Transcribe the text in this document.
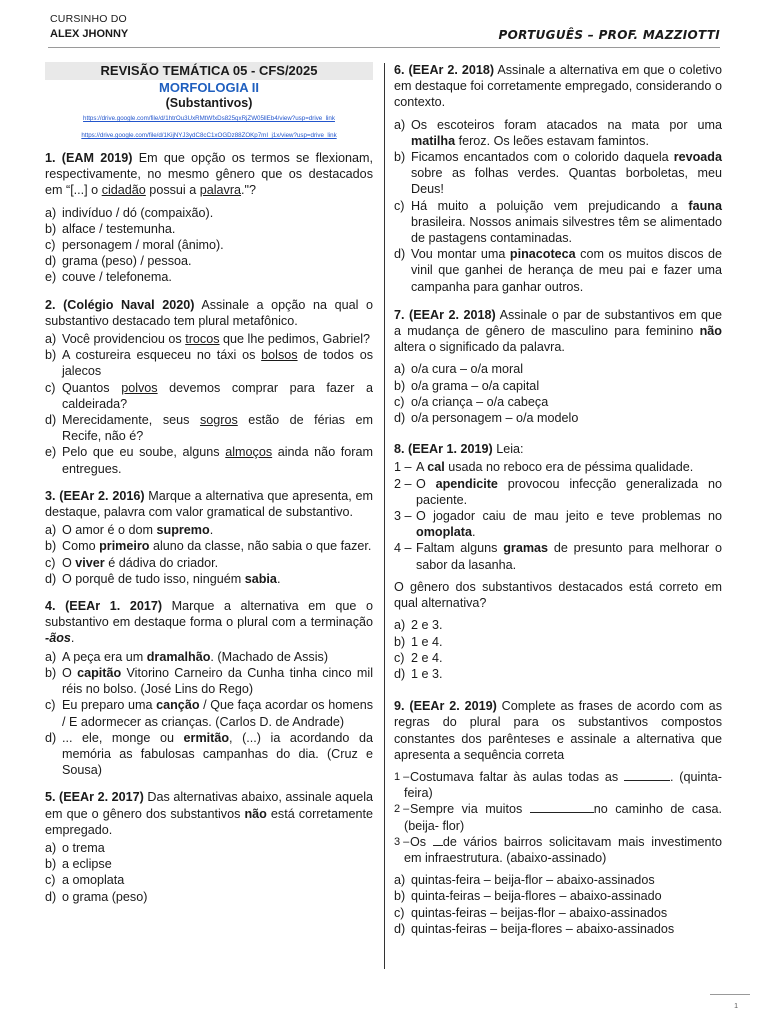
CURSINHO DO
ALEX JHONNY	PORTUGUÊS – PROF. MAZZIOTTI
REVISÃO TEMÁTICA 05 - CFS/2025
MORFOLOGIA II
(Substantivos)
https://drive.google.com/file/d/1htrOu3UxRMtWfxDs825qxRjZW05llEb4/view?usp=drive_link
https://drive.google.com/file/d/1KijNYJ3ydC8cC1xOGDz88ZOKp7mI_j1x/view?usp=drive_link
1. (EAM 2019) Em que opção os termos se flexionam, respectivamente, no mesmo gênero que os destacados em “[...] o cidadão possui a palavra."?
a) indivíduo / dó (compaixão).
b) alface / testemunha.
c) personagem / moral (ânimo).
d) grama (peso) / pessoa.
e) couve / telefonema.
2. (Colégio Naval 2020) Assinale a opção na qual o substantivo destacado tem plural metafônico.
a) Você providenciou os trocos que lhe pedimos, Gabriel?
b) A costureira esqueceu no táxi os bolsos de todos os jalecos
c) Quantos polvos devemos comprar para fazer a caldeirada?
d) Merecidamente, seus sogros estão de férias em Recife, não é?
e) Pelo que eu soube, alguns almoços ainda não foram entregues.
3. (EEAr 2. 2016) Marque a alternativa que apresenta, em destaque, palavra com valor gramatical de substantivo.
a) O amor é o dom supremo.
b) Como primeiro aluno da classe, não sabia o que fazer.
c) O viver é dádiva do criador.
d) O porquê de tudo isso, ninguém sabia.
4. (EEAr 1. 2017) Marque a alternativa em que o substantivo em destaque forma o plural com a terminação -ãos.
a) A peça era um dramalhão. (Machado de Assis)
b) O capitão Vitorino Carneiro da Cunha tinha cinco mil réis no bolso. (José Lins do Rego)
c) Eu preparo uma canção / Que faça acordar os homens / E adormecer as crianças. (Carlos D. de Andrade)
d) ... ele, monge ou ermitão, (...) ia acordando da memória as fabulosas campanhas do dia. (Cruz e Sousa)
5. (EEAr 2. 2017) Das alternativas abaixo, assinale aquela em que o gênero dos substantivos não está corretamente empregado.
a) o trema
b) a eclipse
c) a omoplata
d) o grama (peso)
6. (EEAr 2. 2018) Assinale a alternativa em que o coletivo em destaque foi corretamente empregado, considerando o contexto.
a) Os escoteiros foram atacados na mata por uma matilha feroz. Os leões estavam famintos.
b) Ficamos encantados com o colorido daquela revoada sobre as folhas verdes. Quantas borboletas, meu Deus!
c) Há muito a poluição vem prejudicando a fauna brasileira. Nossos animais silvestres têm se alimentado de pastagens contaminadas.
d) Vou montar uma pinacoteca com os muitos discos de vinil que ganhei de herança de meu pai e fazer uma campanha para ganhar outros.
7. (EEAr 2. 2018) Assinale o par de substantivos em que a mudança de gênero de masculino para feminino não altera o significado da palavra.
a) o/a cura – o/a moral
b) o/a grama – o/a capital
c) o/a criança – o/a cabeça
d) o/a personagem – o/a modelo
8. (EEAr 1. 2019) Leia:
1 – A cal usada no reboco era de péssima qualidade.
2 – O apendicite provocou infecção generalizada no paciente.
3 – O jogador caiu de mau jeito e teve problemas no omoplata.
4 – Faltam alguns gramas de presunto para melhorar o sabor da lasanha.
O gênero dos substantivos destacados está correto em qual alternativa?
a) 2 e 3.
b) 1 e 4.
c) 2 e 4.
d) 1 e 3.
9. (EEAr 2. 2019) Complete as frases de acordo com as regras do plural para os substantivos compostos constantes dos parênteses e assinale a alternativa que apresenta a sequência correta
1 – Costumava faltar às aulas todas as	. (quinta-feira)
2 – Sempre via muitos	no caminho de casa. (beija- flor)
3 – Os de vários bairros solicitavam mais investimento em infraestrutura. (abaixo-assinado)
a) quintas-feira – beija-flor – abaixo-assinados
b) quinta-feiras – beija-flores – abaixo-assinado
c) quintas-feiras – beijas-flor – abaixo-assinados
d) quintas-feiras – beija-flores – abaixo-assinados
1
